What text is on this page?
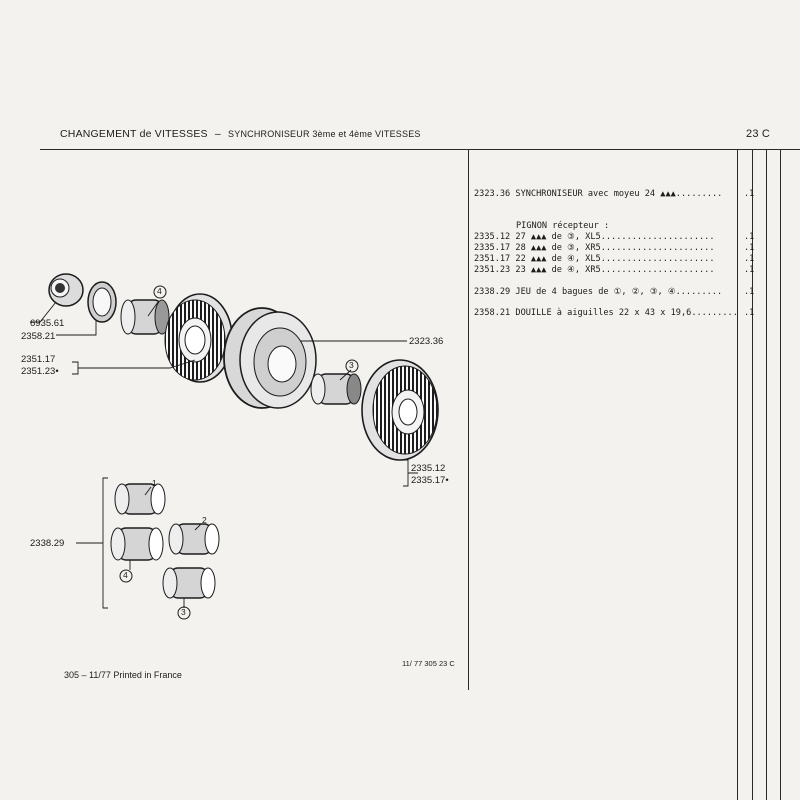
CHANGEMENT de VITESSES – SYNCHRONISEUR 3ème et 4ème VITESSES	23 C
2323.36 SYNCHRONISEUR avec moyeu 24 ▲▲▲.........	.1
PIGNON récepteur :
2335.12 27 ▲▲▲ de ③, XL5......................	.1
2335.17 28 ▲▲▲ de ③, XR5......................	.1
2351.17 22 ▲▲▲ de ④, XL5......................	.1
2351.23 23 ▲▲▲ de ④, XR5......................	.1
2338.29 JEU de 4 bagues de ①, ②, ③, ④.........	.1
2358.21 DOUILLE à aiguilles 22 x 43 x 19,6......... .1
4
3
1
2
4
3
6935.61
2358.21
2351.17
2351.23•
2323.36
2335.12
2335.17•
2338.29
11/ 77 305 23 C
305 – 11/77 Printed in France
